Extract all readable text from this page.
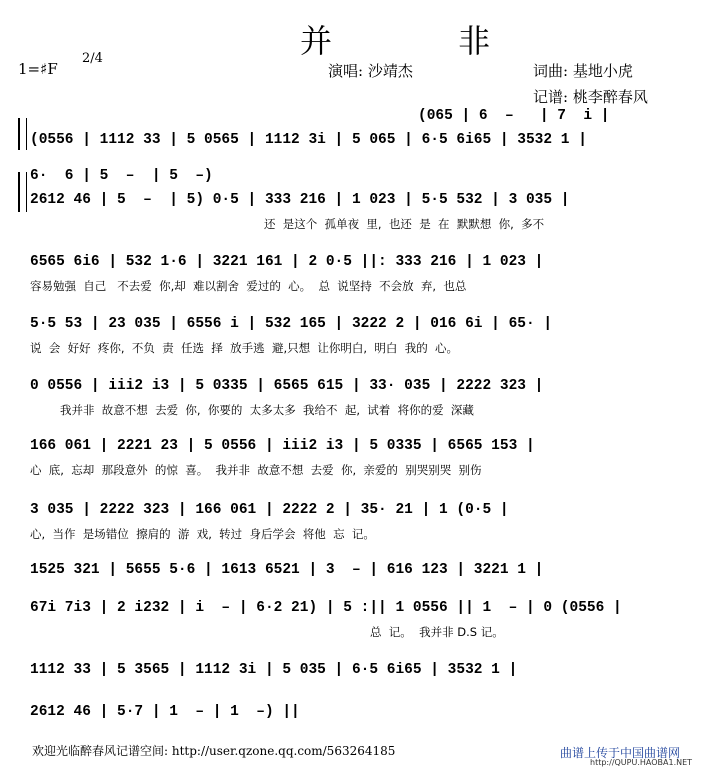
并 非
1=♯F
2/4
演唱: 沙靖杰	词曲: 基地小虎
记谱: 桃李醉春风
(065 | 6  –   | 7  i |
(0556 | 1112 33 | 5 0565 | 1112 3i | 5 065 | 6·5 6i65 | 3532 1 |
6·  6 | 5  –  | 5  –)
2612 46 | 5  –  | 5) 0·5 | 333 216 | 1 023 | 5·5 532 | 3 035 |
还  是这个  孤单夜  里,  也还  是  在  默默想  你,  多不
6565 6i6 | 532 1·6 | 3221 161 | 2 0·5 ||: 333 216 | 1 023 |
容易勉强  自己   不去爱  你,却  难以割舍  爱过的  心。  总  说坚持  不会放  弃,  也总
5·5 53 | 23 035 | 6556 i | 532 165 | 3222 2 | 016 6i | 65· |
说  会  好好  疼你,  不负  责  任选  择  放手逃  避,只想  让你明白,  明白  我的  心。
0 0556 | iii2 i3 | 5 0335 | 6565 615 | 33· 035 | 2222 323 |
我并非  故意不想  去爱  你,  你要的  太多太多  我给不  起,  试着  将你的爱  深藏
166 061 | 2221 23 | 5 0556 | iii2 i3 | 5 0335 | 6565 153 |
心  底,  忘却  那段意外  的惊  喜。  我并非  故意不想  去爱  你,  亲爱的  别哭别哭  别伤
3 035 | 2222 323 | 166 061 | 2222 2 | 35· 21 | 1 (0·5 |
心,  当作  是场错位  擦肩的  游  戏,  转过  身后学会  将他  忘  记。
1525 321 | 5655 5·6 | 1613 6521 | 3  – | 616 123 | 3221 1 |
67i 7i3 | 2 i232 | i  – | 6·2 21) | 5 :|| 1 0556 || 1  – | 0 (0556 |
总  记。  我并非 D.S 记。
1112 33 | 5 3565 | 1112 3i | 5 035 | 6·5 6i65 | 3532 1 |
2612 46 | 5·7 | 1  – | 1  –) ||
欢迎光临醉春风记谱空间: http://user.qzone.qq.com/563264185	曲谱上传于中国曲谱网
http://QUPU.HAOBA1.NET
